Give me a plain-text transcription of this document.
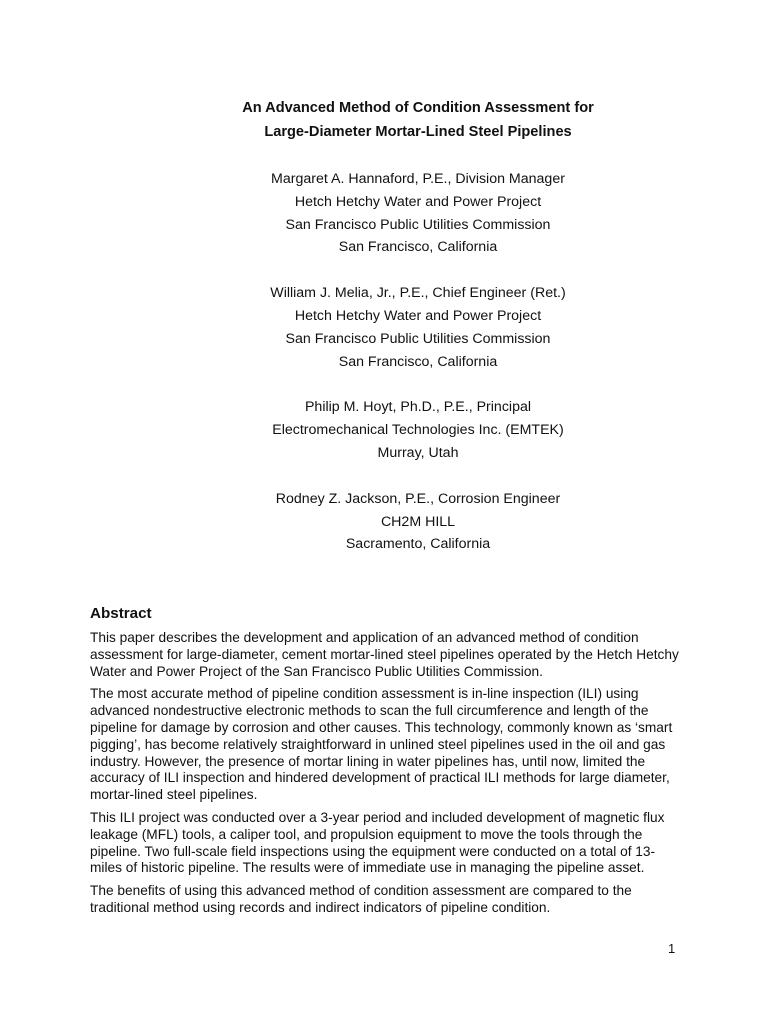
An Advanced Method of Condition Assessment for

Large-Diameter Mortar-Lined Steel Pipelines

Margaret A. Hannaford, P.E., Division Manager

Hetch Hetchy Water and Power Project

San Francisco Public Utilities Commission

San Francisco, California

William J. Melia, Jr., P.E., Chief Engineer (Ret.)

Hetch Hetchy Water and Power Project

San Francisco Public Utilities Commission

San Francisco, California

Philip M. Hoyt, Ph.D., P.E., Principal

Electromechanical Technologies Inc. (EMTEK)

Murray, Utah

Rodney Z. Jackson, P.E., Corrosion Engineer

CH2M HILL

Sacramento, California

Abstract

This paper describes the development and application of an advanced method of condition assessment for large-diameter, cement mortar-lined steel pipelines operated by the Hetch Hetchy Water and Power Project of the San Francisco Public Utilities Commission.

The most accurate method of pipeline condition assessment is in-line inspection (ILI) using advanced nondestructive electronic methods to scan the full circumference and length of the pipeline for damage by corrosion and other causes. This technology, commonly known as ‘smart pigging’, has become relatively straightforward in unlined steel pipelines used in the oil and gas industry. However, the presence of mortar lining in water pipelines has, until now, limited the accuracy of ILI inspection and hindered development of practical ILI methods for large diameter, mortar-lined steel pipelines.

This ILI project was conducted over a 3-year period and included development of magnetic flux leakage (MFL) tools, a caliper tool, and propulsion equipment to move the tools through the pipeline. Two full-scale field inspections using the equipment were conducted on a total of 13-miles of historic pipeline. The results were of immediate use in managing the pipeline asset.

The benefits of using this advanced method of condition assessment are compared to the traditional method using records and indirect indicators of pipeline condition.

1
